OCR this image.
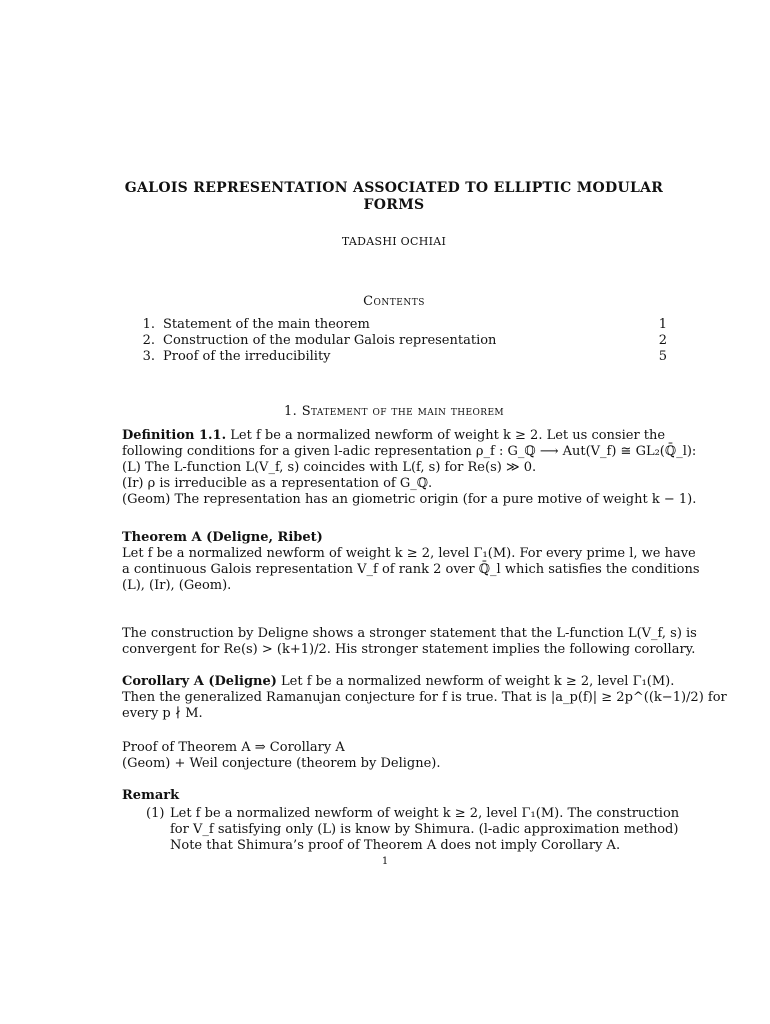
GALOIS REPRESENTATION ASSOCIATED TO ELLIPTIC MODULAR FORMS
TADASHI OCHIAI
Contents
1. Statement of the main theorem	1
2. Construction of the modular Galois representation	2
3. Proof of the irreducibility	5
1. Statement of the main theorem
Definition 1.1. Let f be a normalized newform of weight k ≥ 2. Let us consier the
following conditions for a given l-adic representation ρ_f : G_ℚ ⟶ Aut(V_f) ≅ GL₂(ℚ̄_l):
(L) The L-function L(V_f, s) coincides with L(f, s) for Re(s) ≫ 0.
(Ir) ρ is irreducible as a representation of G_ℚ.
(Geom) The representation has an giometric origin (for a pure motive of weight k − 1).
Theorem A (Deligne, Ribet)
Let f be a normalized newform of weight k ≥ 2, level Γ₁(M). For every prime l, we have
a continuous Galois representation V_f of rank 2 over ℚ̄_l which satisfies the conditions
(L), (Ir), (Geom).
The construction by Deligne shows a stronger statement that the L-function L(V_f, s) is
convergent for Re(s) > (k+1)/2. His stronger statement implies the following corollary.
Corollary A (Deligne) Let f be a normalized newform of weight k ≥ 2, level Γ₁(M).
Then the generalized Ramanujan conjecture for f is true. That is |a_p(f)| ≥ 2p^((k−1)/2) for
every p ∤ M.
Proof of Theorem A ⇒ Corollary A
(Geom) + Weil conjecture (theorem by Deligne).
Remark
(1) Let f be a normalized newform of weight k ≥ 2, level Γ₁(M). The construction
for V_f satisfying only (L) is know by Shimura. (l-adic approximation method)
Note that Shimura’s proof of Theorem A does not imply Corollary A.
1
